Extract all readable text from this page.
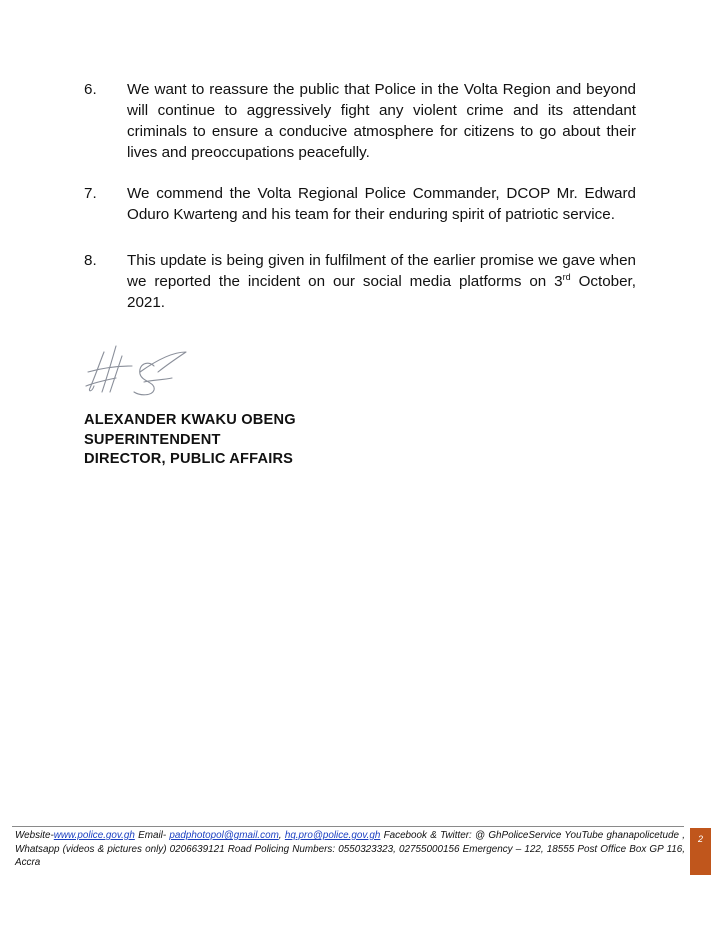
6.	We want to reassure the public that Police in the Volta Region and beyond will continue to aggressively fight any violent crime and its attendant criminals to ensure a conducive atmosphere for citizens to go about their lives and preoccupations peacefully.
7.	We commend the Volta Regional Police Commander, DCOP Mr. Edward Oduro Kwarteng and his team for their enduring spirit of patriotic service.
8.	This update is being given in fulfilment of the earlier promise we gave when we reported the incident on our social media platforms on 3rd October, 2021.
ALEXANDER KWAKU OBENG
SUPERINTENDENT
DIRECTOR, PUBLIC AFFAIRS
Website-www.police.gov.gh Email- padphotopol@gmail.com, hq.pro@police.gov.gh Facebook & Twitter: @ GhPoliceService YouTube ghanapolicetude , Whatsapp (videos & pictures only) 0206639121 Road Policing Numbers: 0550323323, 02755000156 Emergency – 122, 18555 Post Office Box GP 116, Accra
2
